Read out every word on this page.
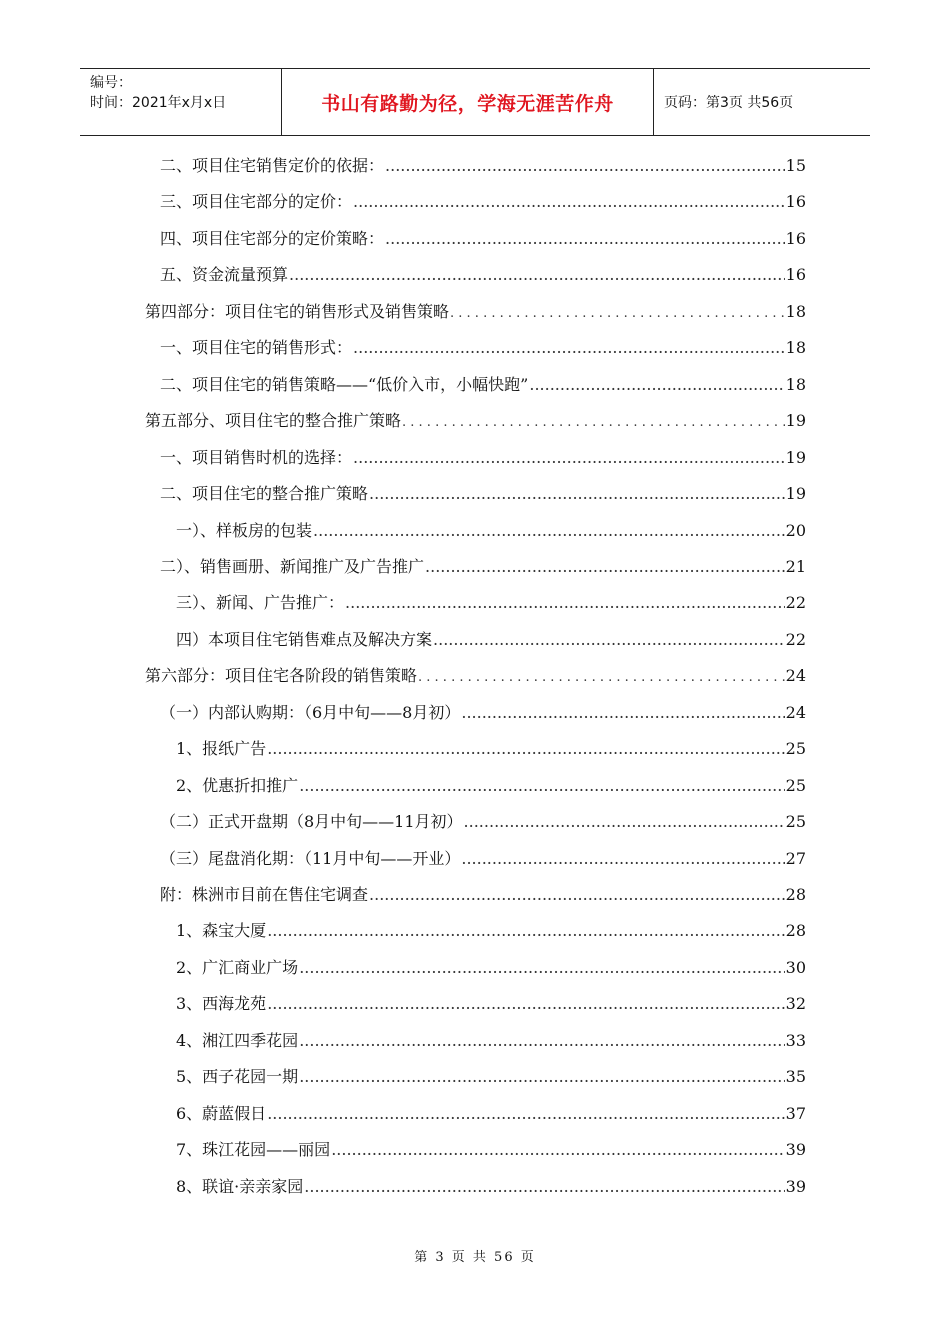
编号：
时间：2021年x月x日	书山有路勤为径，学海无涯苦作舟	页码：第3页 共56页
二、项目住宅销售定价的依据： .....	15
三、项目住宅部分的定价： .....	16
四、项目住宅部分的定价策略： .....	16
五、资金流量预算 .....	16
第四部分：项目住宅的销售形式及销售策略 . .	18
一、项目住宅的销售形式： .....	18
二、项目住宅的销售策略——“低价入市，小幅快跑” .....	18
第五部分、项目住宅的整合推广策略 . .	19
一、项目销售时机的选择： .....	19
二、项目住宅的整合推广策略 .....	19
一）、样板房的包装 .....	20
二）、销售画册、新闻推广及广告推广 .....	21
三）、新闻、广告推广： .....	22
四）本项目住宅销售难点及解决方案 .....	22
第六部分：项目住宅各阶段的销售策略 . .	24
（一）内部认购期：（6月中旬——8月初） .....	24
1、报纸广告 .....	25
2、优惠折扣推广 .....	25
（二）正式开盘期（8月中旬——11月初） .....	25
（三）尾盘消化期：（11月中旬——开业） .....	27
附：株洲市目前在售住宅调查 .....	28
1、森宝大厦 .....	28
2、广汇商业广场 .....	30
3、西海龙苑 .....	32
4、湘江四季花园 .....	33
5、西子花园一期 .....	35
6、蔚蓝假日 .....	37
7、珠江花园——丽园 .....	39
8、联谊·亲亲家园 .....	39
第 3 页 共 56 页
